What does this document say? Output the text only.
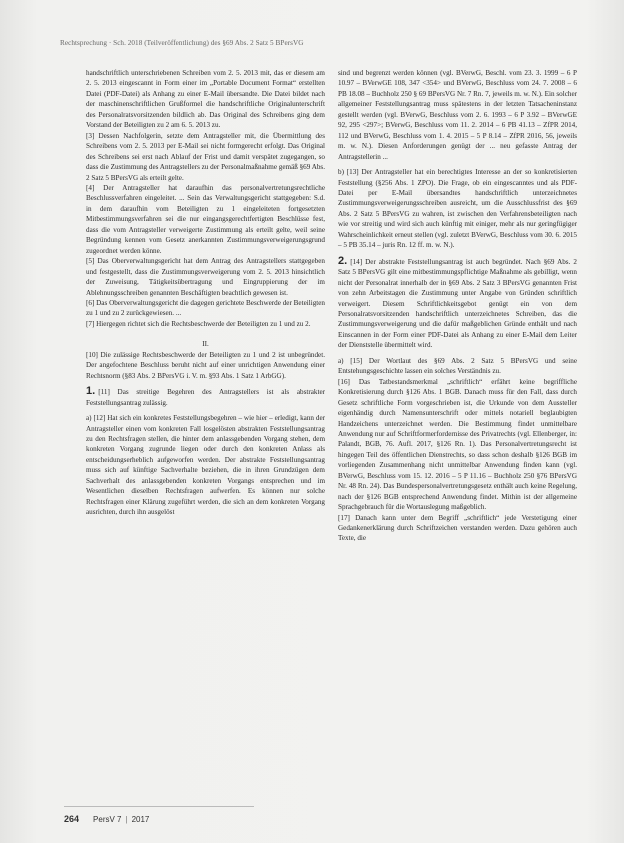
Rechtsprechung · Sch. 2018 (Teilveröffentlichung) des §69 Abs. 2 Satz 5 BPersVG

handschriftlich unterschriebenen Schreiben vom 2. 5. 2013 mit, das er diesem am 2. 5. 2013 eingescannt in Form einer im „Portable Document Format“ erstellten Datei (PDF-Datei) als Anhang zu einer E-Mail übersandte. Die Datei bildet nach der maschinenschriftlichen Grußformel die handschriftliche Originalunterschrift des Personalratsvorsitzenden bildlich ab. Das Original des Schreibens ging dem Vorstand der Beteiligten zu 2 am 6. 5. 2013 zu.

[3] Dessen Nachfolgerin, setzte dem Antragsteller mit, die Übermittlung des Schreibens vom 2. 5. 2013 per E-Mail sei nicht formgerecht erfolgt. Das Original des Schreibens sei erst nach Ablauf der Frist und damit verspätet zugegangen, so dass die Zustimmung des Antragstellers zu der Personalmaßnahme gemäß §69 Abs. 2 Satz 5 BPersVG als erteilt gelte.

[4] Der Antragsteller hat daraufhin das personalvertretungsrechtliche Beschlussverfahren eingeleitet. ... Sein das Verwaltungsgericht stattgegeben: S.d. in dem daraufhin vom Beteiligten zu 1 eingeleiteten fortgesetzten Mitbestimmungsverfahren sei die nur eingangsgerechtfertigten Beschlüsse fest, dass die vom Antragsteller verweigerte Zustimmung als erteilt gelte, weil seine Begründung kennen vom Gesetz anerkannten Zustimmungsverweigerungsgrund zugeordnet werden könne.

[5] Das Oberverwaltungsgericht hat dem Antrag des Antragstellers stattgegeben und festgestellt, dass die Zustimmungsverweigerung vom 2. 5. 2013 hinsichtlich der Zuweisung, Tätigkeitsübertragung und Eingruppierung der im Ablehnungsschreiben genannten Beschäftigten beachtlich gewesen ist.

[6] Das Oberverwaltungsgericht die dagegen gerichtete Beschwerde der Beteiligten zu 1 und zu 2 zurückgewiesen. ...

[7] Hiergegen richtet sich die Rechtsbeschwerde der Beteiligten zu 1 und zu 2.

II.

[10] Die zulässige Rechtsbeschwerde der Beteiligten zu 1 und 2 ist unbegründet. Der angefochtene Beschluss beruht nicht auf einer unrichtigen Anwendung einer Rechtsnorm (§83 Abs. 2 BPersVG i. V. m. §93 Abs. 1 Satz 1 ArbGG).

1. [11] Das streitige Begehren des Antragstellers ist als abstrakter Feststellungsantrag zulässig.

a) [12] Hat sich ein konkretes Feststellungsbegehren – wie hier – erledigt, kann der Antragsteller einen vom konkreten Fall losgelösten abstrakten Feststellungsantrag zu den Rechtsfragen stellen, die hinter dem anlassgebenden Vorgang stehen, dem konkreten Vorgang zugrunde liegen oder durch den konkreten Anlass als entscheidungserheblich aufgeworfen werden. Der abstrakte Feststellungsantrag muss sich auf künftige Sachverhalte beziehen, die in ihren Grundzügen dem Sachverhalt des anlassgebenden konkreten Vorgangs entsprechen und im Wesentlichen dieselben Rechtsfragen aufwerfen. Es können nur solche Rechtsfragen einer Klärung zugeführt werden, die sich an dem konkreten Vorgang ausrichten, durch ihn ausgelöst

sind und begrenzt werden können (vgl. BVerwG, Beschl. vom 23. 3. 1999 – 6 P 10.97 – BVerwGE 108, 347 <354> und BVerwG, Beschluss vom 24. 7. 2008 – 6 PB 18.08 – Buchholz 250 § 69 BPersVG Nr. 7 Rn. 7, jeweils m. w. N.). Ein solcher allgemeiner Feststellungsantrag muss spätestens in der letzten Tatsacheninstanz gestellt werden (vgl. BVerwG, Beschluss vom 2. 6. 1993 – 6 P 3.92 – BVerwGE 92, 295 <297>; BVerwG, Beschluss vom 11. 2. 2014 – 6 PB 41.13 – ZfPR 2014, 112 und BVerwG, Beschluss vom 1. 4. 2015 – 5 P 8.14 – ZfPR 2016, 56, jeweils m. w. N.). Diesen Anforderungen genügt der ... neu gefasste Antrag der Antragstellerin ...

b) [13] Der Antragsteller hat ein berechtigtes Interesse an der so konkretisierten Feststellung (§256 Abs. 1 ZPO). Die Frage, ob ein eingescanntes und als PDF-Datei per E-Mail übersandtes handschriftlich unterzeichnetes Zustimmungsverweigerungsschreiben ausreicht, um die Ausschlussfrist des §69 Abs. 2 Satz 5 BPersVG zu wahren, ist zwischen den Verfahrensbeteiligten nach wie vor streitig und wird sich auch künftig mit einiger, mehr als nur geringfügiger Wahrscheinlichkeit erneut stellen (vgl. zuletzt BVerwG, Beschluss vom 30. 6. 2015 – 5 PB 35.14 – juris Rn. 12 ff. m. w. N.).

2. [14] Der abstrakte Feststellungsantrag ist auch begründet. Nach §69 Abs. 2 Satz 5 BPersVG gilt eine mitbestimmungspflichtige Maßnahme als gebilligt, wenn nicht der Personalrat innerhalb der in §69 Abs. 2 Satz 3 BPersVG genannten Frist von zehn Arbeitstagen die Zustimmung unter Angabe von Gründen schriftlich verweigert. Diesem Schriftlichkeitsgebot genügt ein von dem Personalratsvorsitzenden handschriftlich unterzeichnetes Schreiben, das die Zustimmungsverweigerung und die dafür maßgeblichen Gründe enthält und nach Einscannen in der Form einer PDF-Datei als Anhang zu einer E-Mail dem Leiter der Dienststelle übermittelt wird.

a) [15] Der Wortlaut des §69 Abs. 2 Satz 5 BPersVG und seine Entstehungsgeschichte lassen ein solches Verständnis zu.

[16] Das Tatbestandsmerkmal „schriftlich“ erfährt keine begriffliche Konkretisierung durch §126 Abs. 1 BGB. Danach muss für den Fall, dass durch Gesetz schriftliche Form vorgeschrieben ist, die Urkunde von dem Aussteller eigenhändig durch Namensunterschrift oder mittels notariell beglaubigten Handzeichens unterzeichnet werden. Die Bestimmung findet unmittelbare Anwendung nur auf Schriftformerfordernisse des Privatrechts (vgl. Ellenberger, in: Palandt, BGB, 76. Aufl. 2017, §126 Rn. 1). Das Personalvertretungsrecht ist hingegen Teil des öffentlichen Dienstrechts, so dass schon deshalb §126 BGB im vorliegenden Zusammenhang nicht unmittelbar Anwendung finden kann (vgl. BVerwG, Beschluss vom 15. 12. 2016 – 5 P 11.16 – Buchholz 250 §76 BPersVG Nr. 48 Rn. 24). Das Bundespersonalvertretungsgesetz enthält auch keine Regelung, nach der §126 BGB entsprechend Anwendung findet. Mithin ist der allgemeine Sprachgebrauch für die Wortauslegung maßgeblich.

[17] Danach kann unter dem Begriff „schriftlich“ jede Verstetigung einer Gedankenerklärung durch Schriftzeichen verstanden werden. Dazu gehören auch Texte, die

264 PersV 7 | 2017
